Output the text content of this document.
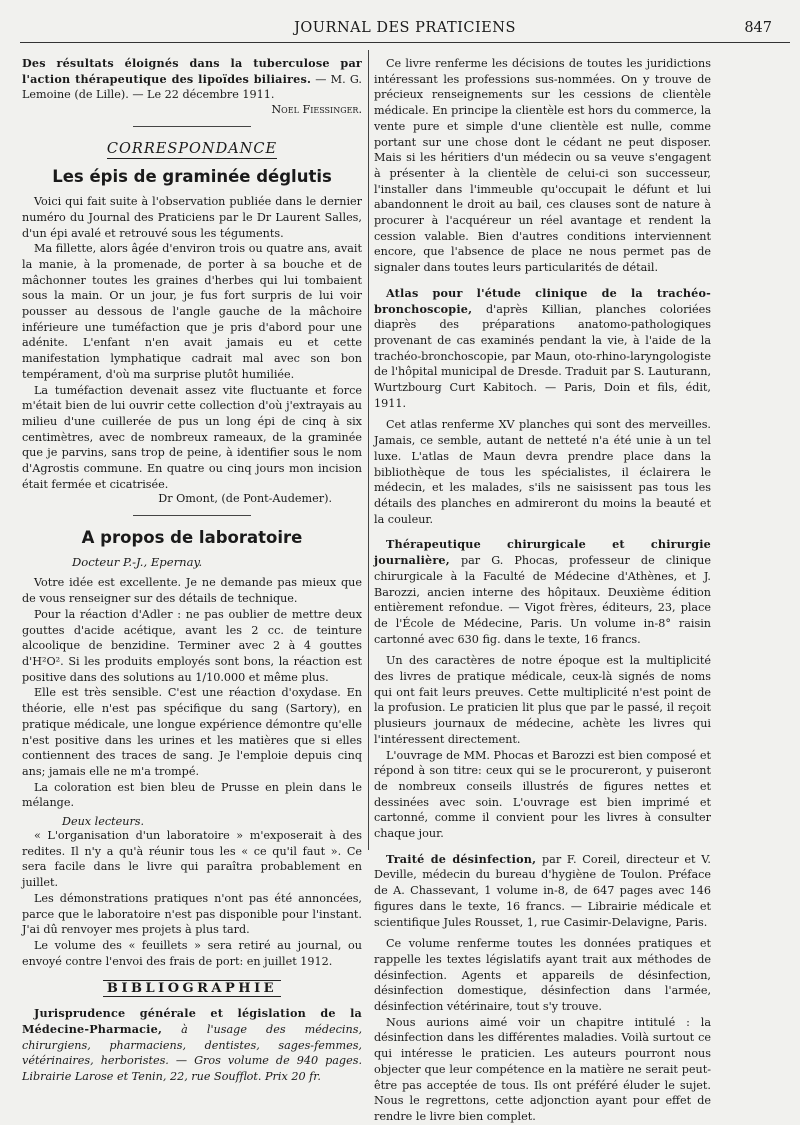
JOURNAL DES PRATICIENS	847

Des résultats éloignés dans la tuberculose par l'action thérapeutique des lipoïdes biliaires. — M. G. Lemoine (de Lille). — Le 22 décembre 1911.

Noel Fiessinger.
CORRESPONDANCE
Les épis de graminée déglutis

Voici qui fait suite à l'observation publiée dans le dernier numéro du Journal des Praticiens par le Dr Laurent Salles, d'un épi avalé et retrouvé sous les téguments.

Ma fillette, alors âgée d'environ trois ou quatre ans, avait la manie, à la promenade, de porter à sa bouche et de mâchonner toutes les graines d'herbes qui lui tombaient sous la main. Or un jour, je fus fort surpris de lui voir pousser au dessous de l'angle gauche de la mâchoire inférieure une tuméfaction que je pris d'abord pour une adénite. L'enfant n'en avait jamais eu et cette manifestation lymphatique cadrait mal avec son bon tempérament, d'où ma surprise plutôt humiliée.

La tuméfaction devenait assez vite fluctuante et force m'était bien de lui ouvrir cette collection d'où j'extrayais au milieu d'une cuillerée de pus un long épi de cinq à six centimètres, avec de nombreux rameaux, de la graminée que je parvins, sans trop de peine, à identifier sous le nom d'Agrostis commune. En quatre ou cinq jours mon incision était fermée et cicatrisée.

Dr Omont, (de Pont-Audemer).
A propos de laboratoire
Docteur P.-J., Epernay.

Votre idée est excellente. Je ne demande pas mieux que de vous renseigner sur des détails de technique.

Pour la réaction d'Adler : ne pas oublier de mettre deux gouttes d'acide acétique, avant les 2 cc. de teinture alcoolique de benzidine. Terminer avec 2 à 4 gouttes d'H²O². Si les produits employés sont bons, la réaction est positive dans des solutions au 1/10.000 et même plus.

Elle est très sensible. C'est une réaction d'oxydase. En théorie, elle n'est pas spécifique du sang (Sartory), en pratique médicale, une longue expérience démontre qu'elle n'est positive dans les urines et les matières que si elles contiennent des traces de sang. Je l'emploie depuis cinq ans; jamais elle ne m'a trompé.

La coloration est bien bleu de Prusse en plein dans le mélange.

Deux lecteurs.

« L'organisation d'un laboratoire » m'exposerait à des redites. Il n'y a qu'à réunir tous les « ce qu'il faut ». Ce sera facile dans le livre qui paraîtra probablement en juillet.

Les démonstrations pratiques n'ont pas été annoncées, parce que le laboratoire n'est pas disponible pour l'instant. J'ai dû renvoyer mes projets à plus tard.

Le volume des « feuillets » sera retiré au journal, ou envoyé contre l'envoi des frais de port: en juillet 1912.

BIBLIOGRAPHIE

Jurisprudence générale et législation de la Médecine-Pharmacie, à l'usage des médecins, chirurgiens, pharmaciens, dentistes, sages-femmes, vétérinaires, herboristes. — Gros volume de 940 pages. Librairie Larose et Tenin, 22, rue Soufflot. Prix 20 fr.

Ce livre renferme les décisions de toutes les juridictions intéressant les professions sus-nommées. On y trouve de précieux renseignements sur les cessions de clientèle médicale. En principe la clientèle est hors du commerce, la vente pure et simple d'une clientèle est nulle, comme portant sur une chose dont le cédant ne peut disposer. Mais si les héritiers d'un médecin ou sa veuve s'engagent à présenter à la clientèle de celui-ci son successeur, l'installer dans l'immeuble qu'occupait le défunt et lui abandonnent le droit au bail, ces clauses sont de nature à procurer à l'acquéreur un réel avantage et rendent la cession valable. Bien d'autres conditions interviennent encore, que l'absence de place ne nous permet pas de signaler dans toutes leurs particularités de détail.

Atlas pour l'étude clinique de la trachéo-bronchoscopie, d'après Killian, planches coloriées diaprès des préparations anatomo-pathologiques provenant de cas examinés pendant la vie, à l'aide de la trachéo-bronchoscopie, par Maun, oto-rhino-laryngologiste de l'hôpital municipal de Dresde. Traduit par S. Lauturann, Wurtzbourg Curt Kabitoch. — Paris, Doin et fils, édit, 1911.

Cet atlas renferme XV planches qui sont des merveilles. Jamais, ce semble, autant de netteté n'a été unie à un tel luxe. L'atlas de Maun devra prendre place dans la bibliothèque de tous les spécialistes, il éclairera le médecin, et les malades, s'ils ne saisissent pas tous les détails des planches en admireront du moins la beauté et la couleur.

Thérapeutique chirurgicale et chirurgie journalière, par G. Phocas, professeur de clinique chirurgicale à la Faculté de Médecine d'Athènes, et J. Barozzi, ancien interne des hôpitaux. Deuxième édition entièrement refondue. — Vigot frères, éditeurs, 23, place de l'École de Médecine, Paris. Un volume in-8° raisin cartonné avec 630 fig. dans le texte, 16 francs.

Un des caractères de notre époque est la multiplicité des livres de pratique médicale, ceux-là signés de noms qui ont fait leurs preuves. Cette multiplicité n'est point de la profusion. Le praticien lit plus que par le passé, il reçoit plusieurs journaux de médecine, achète les livres qui l'intéressent directement.

L'ouvrage de MM. Phocas et Barozzi est bien composé et répond à son titre: ceux qui se le procureront, y puiseront de nombreux conseils illustrés de figures nettes et dessinées avec soin. L'ouvrage est bien imprimé et cartonné, comme il convient pour les livres à consulter chaque jour.

Traité de désinfection, par F. Coreil, directeur et V. Deville, médecin du bureau d'hygiène de Toulon. Préface de A. Chassevant, 1 volume in-8, de 647 pages avec 146 figures dans le texte, 16 francs. — Librairie médicale et scientifique Jules Rousset, 1, rue Casimir-Delavigne, Paris.

Ce volume renferme toutes les données pratiques et rappelle les textes législatifs ayant trait aux méthodes de désinfection. Agents et appareils de désinfection, désinfection domestique, désinfection dans l'armée, désinfection vétérinaire, tout s'y trouve.

Nous aurions aimé voir un chapitre intitulé : la désinfection dans les différentes maladies. Voilà surtout ce qui intéresse le praticien. Les auteurs pourront nous objecter que leur compétence en la matière ne serait peut-être pas acceptée de tous. Ils ont préféré éluder le sujet. Nous le regrettons, cette adjonction ayant pour effet de rendre le livre bien complet.
